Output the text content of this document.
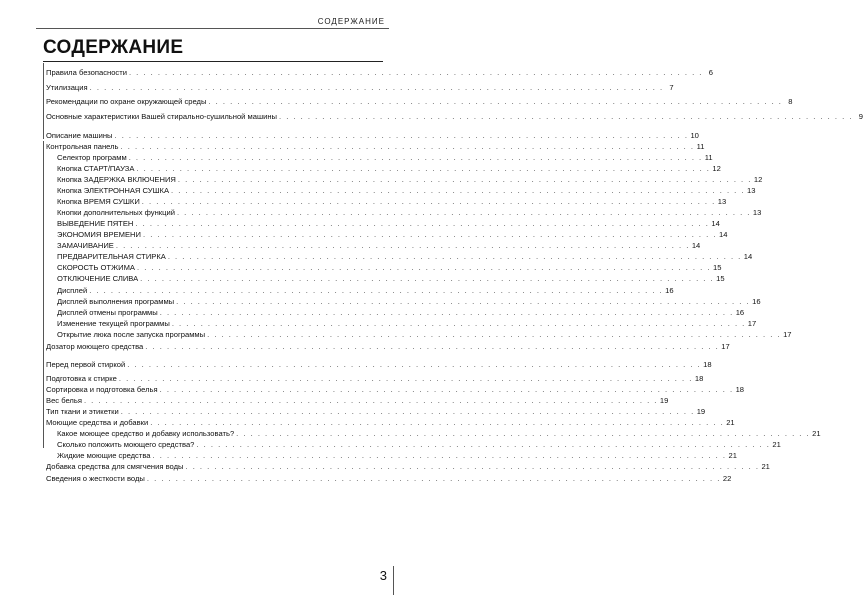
СОДЕРЖАНИЕ
СОДЕРЖАНИЕ
Правила безопасности . . . . . . . . . . . . . . . . . . . . . . . . . . . . . . . . . . . . . . . . . . . . . . . . . . . . . . . . . . . . . . . . . . . . . . . . . . . . . . . . 6
Утилизация . . . . . . . . . . . . . . . . . . . . . . . . . . . . . . . . . . . . . . . . . . . . . . . . . . . . . . . . . . . . . . . . . . . . . . . . . . . . . . . . 7
Рекомендации по охране окружающей среды . . . . . . . . . . . . . . . . . . . . . . . . . . . . . . . . . . . . . . . . . . . . . . . . . . . . . . . . . . . . . . . . . . . . . . . . . . . . . . . . 8
Основные характеристики Вашей стирально-сушильной машины . . . . . . . . . . . . . . . . . . . . . . . . . . . . . . . . . . . . . . . . . . . . . . . . . . . . . . . . . . . . . . . . . . . . . . . . . . . . . . . . 9
Описание машины . . . . . . . . . . . . . . . . . . . . . . . . . . . . . . . . . . . . . . . . . . . . . . . . . . . . . . . . . . . . . . . . . . . . . . . . . . . . . . . . 10
Контрольная панель . . . . . . . . . . . . . . . . . . . . . . . . . . . . . . . . . . . . . . . . . . . . . . . . . . . . . . . . . . . . . . . . . . . . . . . . . . . . . . . . 11
Селектор программ . . . . . . . . . . . . . . . . . . . . . . . . . . . . . . . . . . . . . . . . . . . . . . . . . . . . . . . . . . . . . . . . . . . . . . . . . . . . . . . . 11
Кнопка СТАРТ/ПАУЗА . . . . . . . . . . . . . . . . . . . . . . . . . . . . . . . . . . . . . . . . . . . . . . . . . . . . . . . . . . . . . . . . . . . . . . . . . . . . . . . . 12
Кнопка ЗАДЕРЖКА ВКЛЮЧЕНИЯ . . . . . . . . . . . . . . . . . . . . . . . . . . . . . . . . . . . . . . . . . . . . . . . . . . . . . . . . . . . . . . . . . . . . . . . . . . . . . . . . 12
Кнопка ЭЛЕКТРОННАЯ СУШКА . . . . . . . . . . . . . . . . . . . . . . . . . . . . . . . . . . . . . . . . . . . . . . . . . . . . . . . . . . . . . . . . . . . . . . . . . . . . . . . . 13
Кнопка ВРЕМЯ СУШКИ . . . . . . . . . . . . . . . . . . . . . . . . . . . . . . . . . . . . . . . . . . . . . . . . . . . . . . . . . . . . . . . . . . . . . . . . . . . . . . . . 13
Кнопки дополнительных функций . . . . . . . . . . . . . . . . . . . . . . . . . . . . . . . . . . . . . . . . . . . . . . . . . . . . . . . . . . . . . . . . . . . . . . . . . . . . . . . . 13
ВЫВЕДЕНИЕ ПЯТЕН . . . . . . . . . . . . . . . . . . . . . . . . . . . . . . . . . . . . . . . . . . . . . . . . . . . . . . . . . . . . . . . . . . . . . . . . . . . . . . . . 14
ЭКОНОМИЯ ВРЕМЕНИ . . . . . . . . . . . . . . . . . . . . . . . . . . . . . . . . . . . . . . . . . . . . . . . . . . . . . . . . . . . . . . . . . . . . . . . . . . . . . . . . 14
ЗАМАЧИВАНИЕ . . . . . . . . . . . . . . . . . . . . . . . . . . . . . . . . . . . . . . . . . . . . . . . . . . . . . . . . . . . . . . . . . . . . . . . . . . . . . . . . 14
ПРЕДВАРИТЕЛЬНАЯ СТИРКА . . . . . . . . . . . . . . . . . . . . . . . . . . . . . . . . . . . . . . . . . . . . . . . . . . . . . . . . . . . . . . . . . . . . . . . . . . . . . . . . 14
СКОРОСТЬ ОТЖИМА . . . . . . . . . . . . . . . . . . . . . . . . . . . . . . . . . . . . . . . . . . . . . . . . . . . . . . . . . . . . . . . . . . . . . . . . . . . . . . . . 15
ОТКЛЮЧЕНИЕ СЛИВА . . . . . . . . . . . . . . . . . . . . . . . . . . . . . . . . . . . . . . . . . . . . . . . . . . . . . . . . . . . . . . . . . . . . . . . . . . . . . . . . 15
Дисплей . . . . . . . . . . . . . . . . . . . . . . . . . . . . . . . . . . . . . . . . . . . . . . . . . . . . . . . . . . . . . . . . . . . . . . . . . . . . . . . . 16
Дисплей выполнения программы . . . . . . . . . . . . . . . . . . . . . . . . . . . . . . . . . . . . . . . . . . . . . . . . . . . . . . . . . . . . . . . . . . . . . . . . . . . . . . . . 16
Дисплей отмены программы . . . . . . . . . . . . . . . . . . . . . . . . . . . . . . . . . . . . . . . . . . . . . . . . . . . . . . . . . . . . . . . . . . . . . . . . . . . . . . . . 16
Изменение текущей программы . . . . . . . . . . . . . . . . . . . . . . . . . . . . . . . . . . . . . . . . . . . . . . . . . . . . . . . . . . . . . . . . . . . . . . . . . . . . . . . . 17
Открытие люка после запуска программы . . . . . . . . . . . . . . . . . . . . . . . . . . . . . . . . . . . . . . . . . . . . . . . . . . . . . . . . . . . . . . . . . . . . . . . . . . . . . . . . 17
Дозатор моющего средства . . . . . . . . . . . . . . . . . . . . . . . . . . . . . . . . . . . . . . . . . . . . . . . . . . . . . . . . . . . . . . . . . . . . . . . . . . . . . . . . 17
Перед первой стиркой . . . . . . . . . . . . . . . . . . . . . . . . . . . . . . . . . . . . . . . . . . . . . . . . . . . . . . . . . . . . . . . . . . . . . . . . . . . . . . . . 18
Подготовка к стирке . . . . . . . . . . . . . . . . . . . . . . . . . . . . . . . . . . . . . . . . . . . . . . . . . . . . . . . . . . . . . . . . . . . . . . . . . . . . . . . . 18
Сортировка и подготовка белья . . . . . . . . . . . . . . . . . . . . . . . . . . . . . . . . . . . . . . . . . . . . . . . . . . . . . . . . . . . . . . . . . . . . . . . . . . . . . . . . 18
Вес белья . . . . . . . . . . . . . . . . . . . . . . . . . . . . . . . . . . . . . . . . . . . . . . . . . . . . . . . . . . . . . . . . . . . . . . . . . . . . . . . . 19
Тип ткани и этикетки . . . . . . . . . . . . . . . . . . . . . . . . . . . . . . . . . . . . . . . . . . . . . . . . . . . . . . . . . . . . . . . . . . . . . . . . . . . . . . . . 19
Моющие средства и добавки . . . . . . . . . . . . . . . . . . . . . . . . . . . . . . . . . . . . . . . . . . . . . . . . . . . . . . . . . . . . . . . . . . . . . . . . . . . . . . . . 21
Какое моющее средство и добавку использовать? . . . . . . . . . . . . . . . . . . . . . . . . . . . . . . . . . . . . . . . . . . . . . . . . . . . . . . . . . . . . . . . . . . . . . . . . . . . . . . . . 21
Сколько положить моющего средства? . . . . . . . . . . . . . . . . . . . . . . . . . . . . . . . . . . . . . . . . . . . . . . . . . . . . . . . . . . . . . . . . . . . . . . . . . . . . . . . . 21
Жидкие моющие средства . . . . . . . . . . . . . . . . . . . . . . . . . . . . . . . . . . . . . . . . . . . . . . . . . . . . . . . . . . . . . . . . . . . . . . . . . . . . . . . . 21
Добавка средства для смягчения воды . . . . . . . . . . . . . . . . . . . . . . . . . . . . . . . . . . . . . . . . . . . . . . . . . . . . . . . . . . . . . . . . . . . . . . . . . . . . . . . . 21
Сведения о жесткости воды . . . . . . . . . . . . . . . . . . . . . . . . . . . . . . . . . . . . . . . . . . . . . . . . . . . . . . . . . . . . . . . . . . . . . . . . . . . . . . . . 22
3
